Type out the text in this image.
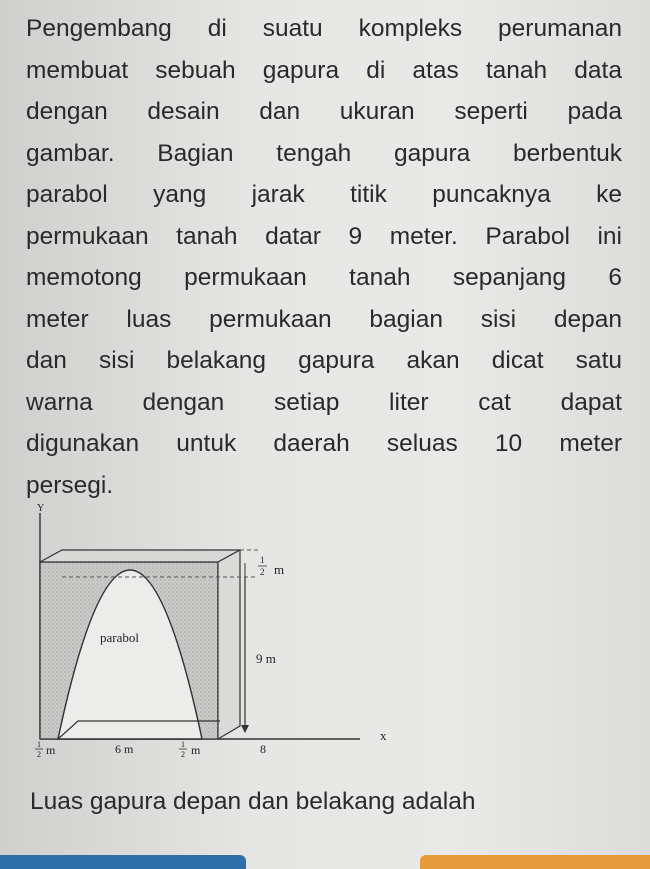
Pengembang di suatu kompleks perumanan
membuat sebuah gapura di atas tanah data
dengan desain dan ukuran seperti pada
gambar. Bagian tengah gapura berbentuk
parabol yang jarak titik puncaknya ke
permukaan tanah datar 9 meter. Parabol ini
memotong permukaan tanah sepanjang 6
meter luas permukaan bagian sisi depan
dan sisi belakang gapura akan dicat satu
warna dengan setiap liter cat dapat
digunakan untuk daerah seluas 10 meter
persegi.
Y
x
1
2 m
9 m
parabol
1
2 m	6 m	1
2 m	8
Luas gapura depan dan belakang adalah
